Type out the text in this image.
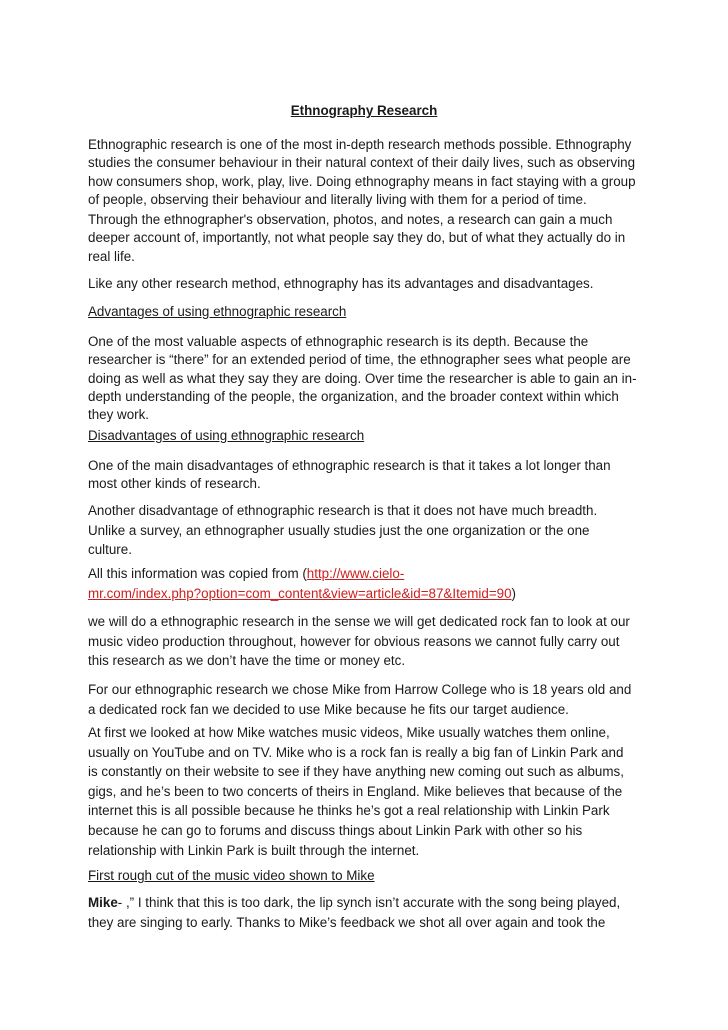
Ethnography Research
Ethnographic research is one of the most in-depth research methods possible. Ethnography
studies the consumer behaviour in their natural context of their daily lives, such as observing
how consumers shop, work, play, live. Doing ethnography means in fact staying with a group
of people, observing their behaviour and literally living with them for a period of time.
Through the ethnographer's observation, photos, and notes, a research can gain a much
deeper account of, importantly, not what people say they do, but of what they actually do in
real life.
Like any other research method, ethnography has its advantages and disadvantages.
Advantages of using ethnographic research
One of the most valuable aspects of ethnographic research is its depth. Because the
researcher is “there” for an extended period of time, the ethnographer sees what people are
doing as well as what they say they are doing. Over time the researcher is able to gain an in-
depth understanding of the people, the organization, and the broader context within which
they work.
Disadvantages of using ethnographic research
One of the main disadvantages of ethnographic research is that it takes a lot longer than
most other kinds of research.
Another disadvantage of ethnographic research is that it does not have much breadth.
Unlike a survey, an ethnographer usually studies just the one organization or the one
culture.
All this information was copied from (http://www.cielo-
mr.com/index.php?option=com_content&view=article&id=87&Itemid=90)
we will do a ethnographic research in the sense we will get dedicated rock fan to look at our
music video production throughout, however for obvious reasons we cannot fully carry out
this research as we don’t have the time or money etc.
For our ethnographic research we chose Mike from Harrow College who is 18 years old and
a dedicated rock fan we decided to use Mike because he fits our target audience.
At first we looked at how Mike watches music videos, Mike usually watches them online,
usually on YouTube and on TV. Mike who is a rock fan is really a big fan of Linkin Park and
is constantly on their website to see if they have anything new coming out such as albums,
gigs, and he’s been to two concerts of theirs in England. Mike believes that because of the
internet this is all possible because he thinks he’s got a real relationship with Linkin Park
because he can go to forums and discuss things about Linkin Park with other so his
relationship with Linkin Park is built through the internet.
First rough cut of the music video shown to Mike
Mike- ,” I think that this is too dark, the lip synch isn’t accurate with the song being played,
they are singing to early. Thanks to Mike’s feedback we shot all over again and took the
